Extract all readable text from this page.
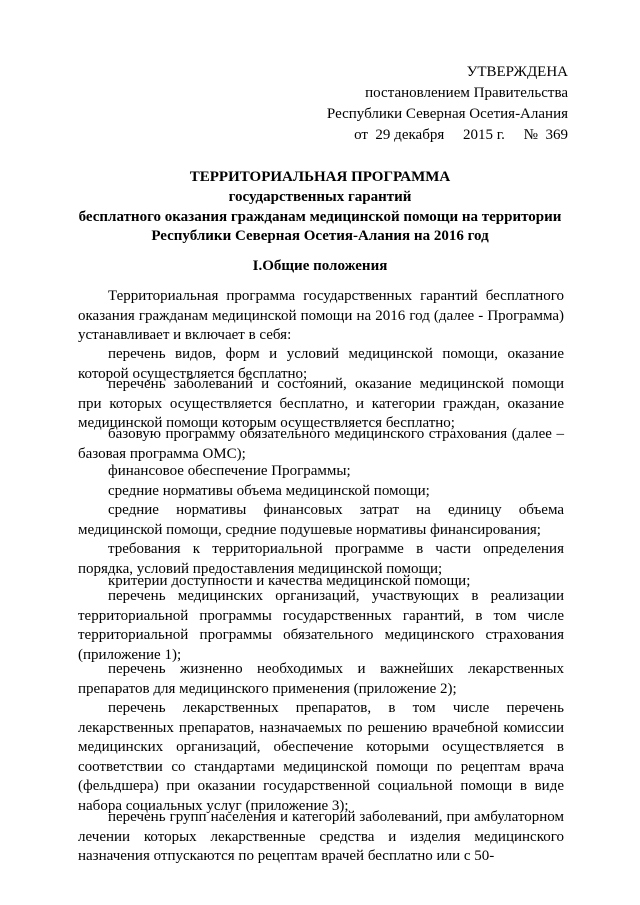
УТВЕРЖДЕНА
постановлением Правительства
Республики Северная Осетия-Алания
от  29 декабря     2015 г.     №  369
ТЕРРИТОРИАЛЬНАЯ ПРОГРАММА
государственных гарантий
бесплатного оказания гражданам медицинской помощи на территории
Республики Северная Осетия-Алания на 2016 год
I.Общие положения
Территориальная программа государственных гарантий бесплатного оказания гражданам медицинской помощи на 2016 год (далее - Программа) устанавливает и включает в себя:
перечень видов, форм и условий медицинской помощи, оказание которой осуществляется бесплатно;
перечень заболеваний и состояний, оказание медицинской помощи при которых осуществляется бесплатно, и категории граждан, оказание медицинской помощи которым осуществляется бесплатно;
базовую программу обязательного медицинского страхования (далее – базовая программа ОМС);
финансовое обеспечение Программы;
средние нормативы объема медицинской помощи;
средние нормативы финансовых затрат на единицу объема медицинской помощи, средние подушевые нормативы финансирования;
требования к территориальной программе в части определения порядка, условий предоставления медицинской помощи;
критерии доступности и качества медицинской помощи;
перечень медицинских организаций, участвующих в реализации территориальной программы государственных гарантий, в том числе территориальной программы обязательного медицинского страхования (приложение 1);
перечень жизненно необходимых и важнейших лекарственных препаратов для медицинского применения (приложение 2);
перечень лекарственных препаратов, в том числе перечень лекарственных препаратов, назначаемых по решению врачебной комиссии медицинских организаций, обеспечение которыми осуществляется в соответствии со стандартами медицинской помощи по рецептам врача (фельдшера) при оказании государственной социальной помощи в виде набора социальных услуг (приложение 3);
перечень групп населения и категорий заболеваний, при амбулаторном лечении которых лекарственные средства и изделия медицинского назначения отпускаются по рецептам врачей бесплатно или с 50-
